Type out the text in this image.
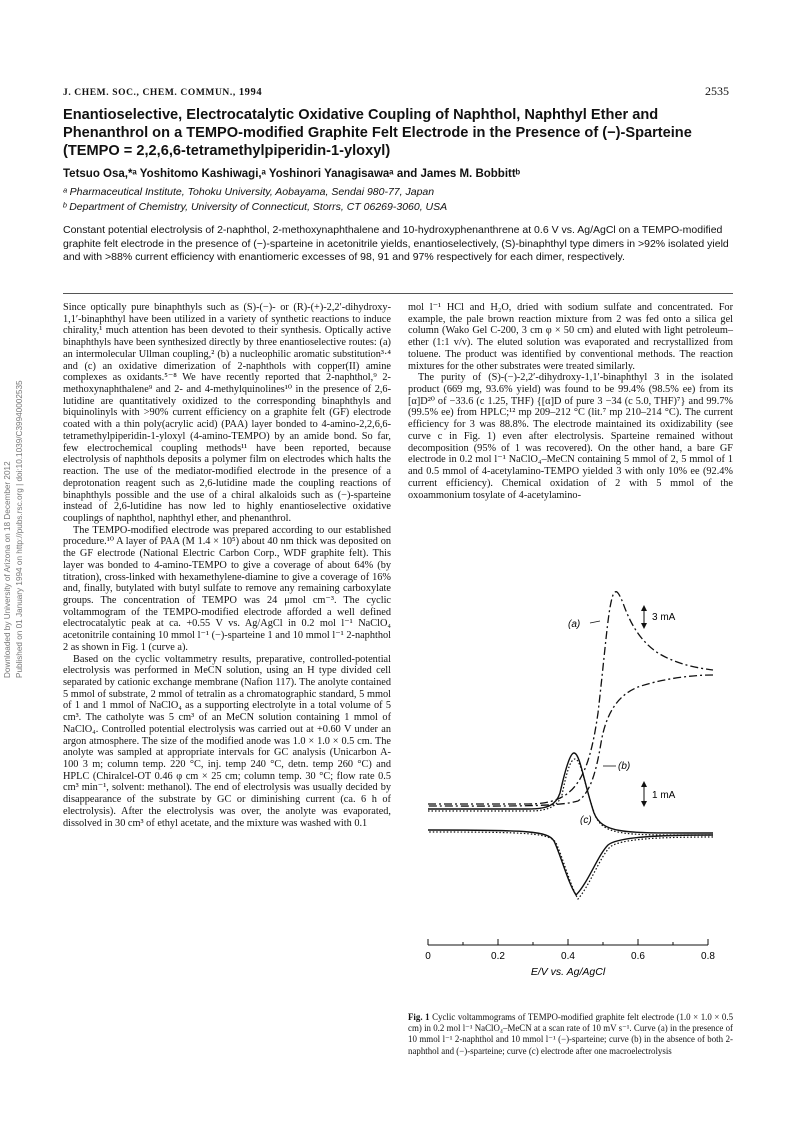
J. CHEM. SOC., CHEM. COMMUN., 1994	2535
Enantioselective, Electrocatalytic Oxidative Coupling of Naphthol, Naphthyl Ether and Phenanthrol on a TEMPO-modified Graphite Felt Electrode in the Presence of (−)-Sparteine (TEMPO = 2,2,6,6-tetramethylpiperidin-1-yloxyl)
Tetsuo Osa,*ᵃ Yoshitomo Kashiwagi,ᵃ Yoshinori Yanagisawaᵃ and James M. Bobbittᵇ
ᵃ Pharmaceutical Institute, Tohoku University, Aobayama, Sendai 980-77, Japan
ᵇ Department of Chemistry, University of Connecticut, Storrs, CT 06269-3060, USA
Constant potential electrolysis of 2-naphthol, 2-methoxynaphthalene and 10-hydroxyphenanthrene at 0.6 V vs. Ag/AgCl on a TEMPO-modified graphite felt electrode in the presence of (−)-sparteine in acetonitrile yields, enantioselectively, (S)-binaphthyl type dimers in >92% isolated yield and with >88% current efficiency with enantiomeric excesses of 98, 91 and 97% respectively for each dimer, respectively.
Downloaded by University of Arizona on 18 December 2012 Published on 01 January 1994 on http://pubs.rsc.org | doi:10.1039/C39940002535

Since optically pure binaphthyls such as (S)-(−)- or (R)-(+)-2,2′-dihydroxy-1,1′-binaphthyl have been utilized in a variety of synthetic reactions to induce chirality,¹ much attention has been devoted to their synthesis. Optically active binaphthyls have been synthesized directly by three enantioselective routes: (a) an intermolecular Ullman coupling,² (b) a nucleophilic aromatic substitution³·⁴ and (c) an oxidative dimerization of 2-naphthols with copper(II) amine complexes as oxidants.⁵⁻⁸ We have recently reported that 2-naphthol,⁹ 2-methoxynaphthalene⁹ and 2- and 4-methylquinolines¹⁰ in the presence of 2,6-lutidine are quantitatively oxidized to the corresponding binaphthyls and biquinolinyls with >90% current efficiency on a graphite felt (GF) electrode coated with a thin poly(acrylic acid) (PAA) layer bonded to 4-amino-2,2,6,6-tetramethylpiperidin-1-yloxyl (4-amino-TEMPO) by an amide bond. So far, few electrochemical coupling methods¹¹ have been reported, because electrolysis of naphthols deposits a polymer film on electrodes which halts the reaction. The use of the mediator-modified electrode in the presence of a deprotonation reagent such as 2,6-lutidine made the coupling reactions of binaphthyls possible and the use of a chiral alkaloids such as (−)-sparteine instead of 2,6-lutidine has now led to highly enantioselective oxidative couplings of naphthol, naphthyl ether, and phenanthrol.

The TEMPO-modified electrode was prepared according to our established procedure.¹⁰ A layer of PAA (M 1.4 × 10⁵) about 40 nm thick was deposited on the GF electrode (National Electric Carbon Corp., WDF graphite felt). This layer was bonded to 4-amino-TEMPO to give a coverage of about 64% (by titration), cross-linked with hexamethylene-diamine to give a coverage of 16% and, finally, butylated with butyl sulfate to remove any remaining carboxylate groups. The concentration of TEMPO was 24 μmol cm⁻³. The cyclic voltammogram of the TEMPO-modified electrode afforded a well defined electrocatalytic peak at ca. +0.55 V vs. Ag/AgCl in 0.2 mol l⁻¹ NaClO₄ acetonitrile containing 10 mmol l⁻¹ (−)-sparteine 1 and 10 mmol l⁻¹ 2-naphthol 2 as shown in Fig. 1 (curve a).

Based on the cyclic voltammetry results, preparative, controlled-potential electrolysis was performed in MeCN solution, using an H type divided cell separated by cationic exchange membrane (Nafion 117). The anolyte contained 5 mmol of substrate, 2 mmol of tetralin as a chromatographic standard, 5 mmol of 1 and 1 mmol of NaClO₄ as a supporting electrolyte in a total volume of 5 cm³. The catholyte was 5 cm³ of an MeCN solution containing 1 mmol of NaClO₄. Controlled potential electrolysis was carried out at +0.60 V under an argon atmosphere. The size of the modified anode was 1.0 × 1.0 × 0.5 cm. The anolyte was sampled at appropriate intervals for GC analysis (Unicarbon A-100 3 m; column temp. 220 °C, inj. temp 240 °C, detn. temp 260 °C) and HPLC (Chiralcel-OT 0.46 φ cm × 25 cm; column temp. 30 °C; flow rate 0.5 cm³ min⁻¹, solvent: methanol). The end of electrolysis was usually decided by disappearance of the substrate by GC or diminishing current (ca. 6 h of electrolysis). After the electrolysis was over, the anolyte was evaporated, dissolved in 30 cm³ of ethyl acetate, and the mixture was washed with 0.1

mol l⁻¹ HCl and H₂O, dried with sodium sulfate and concentrated. For example, the pale brown reaction mixture from 2 was fed onto a silica gel column (Wako Gel C-200, 3 cm φ × 50 cm) and eluted with light petroleum–ether (1:1 v/v). The eluted solution was evaporated and recrystallized from toluene. The product was identified by conventional methods. The reaction mixtures for the other substrates were treated similarly.

The purity of (S)-(−)-2,2′-dihydroxy-1,1′-binaphthyl 3 in the isolated product (669 mg, 93.6% yield) was found to be 99.4% (98.5% ee) from its [α]D²⁰ of −33.6 (c 1.25, THF) {[α]D of pure 3 −34 (c 5.0, THF)⁷} and 99.7% (99.5% ee) from HPLC;¹² mp 209–212 °C (lit.⁷ mp 210–214 °C). The current efficiency for 3 was 88.8%. The electrode maintained its oxidizability (see curve c in Fig. 1) even after electrolysis. Sparteine remained without decomposition (95% of 1 was recovered). On the other hand, a bare GF electrode in 0.2 mol l⁻¹ NaClO₄–MeCN containing 5 mmol of 2, 5 mmol of 1 and 0.5 mmol of 4-acetylamino-TEMPO yielded 3 with only 10% ee (92.4% current efficiency). Chemical oxidation of 2 with 5 mmol of the oxoammonium tosylate of 4-acetylamino-

(a)
(b)
(c)
3 mA
1 mA
0	0.2	0.4	0.6	0.8
E/V vs. Ag/AgCl
Fig. 1 Cyclic voltammograms of TEMPO-modified graphite felt electrode (1.0 × 1.0 × 0.5 cm) in 0.2 mol l⁻¹ NaClO₄–MeCN at a scan rate of 10 mV s⁻¹. Curve (a) in the presence of 10 mmol l⁻¹ 2-naphthol and 10 mmol l⁻¹ (−)-sparteine; curve (b) in the absence of both 2-naphthol and (−)-sparteine; curve (c) electrode after one macroelectrolysis
